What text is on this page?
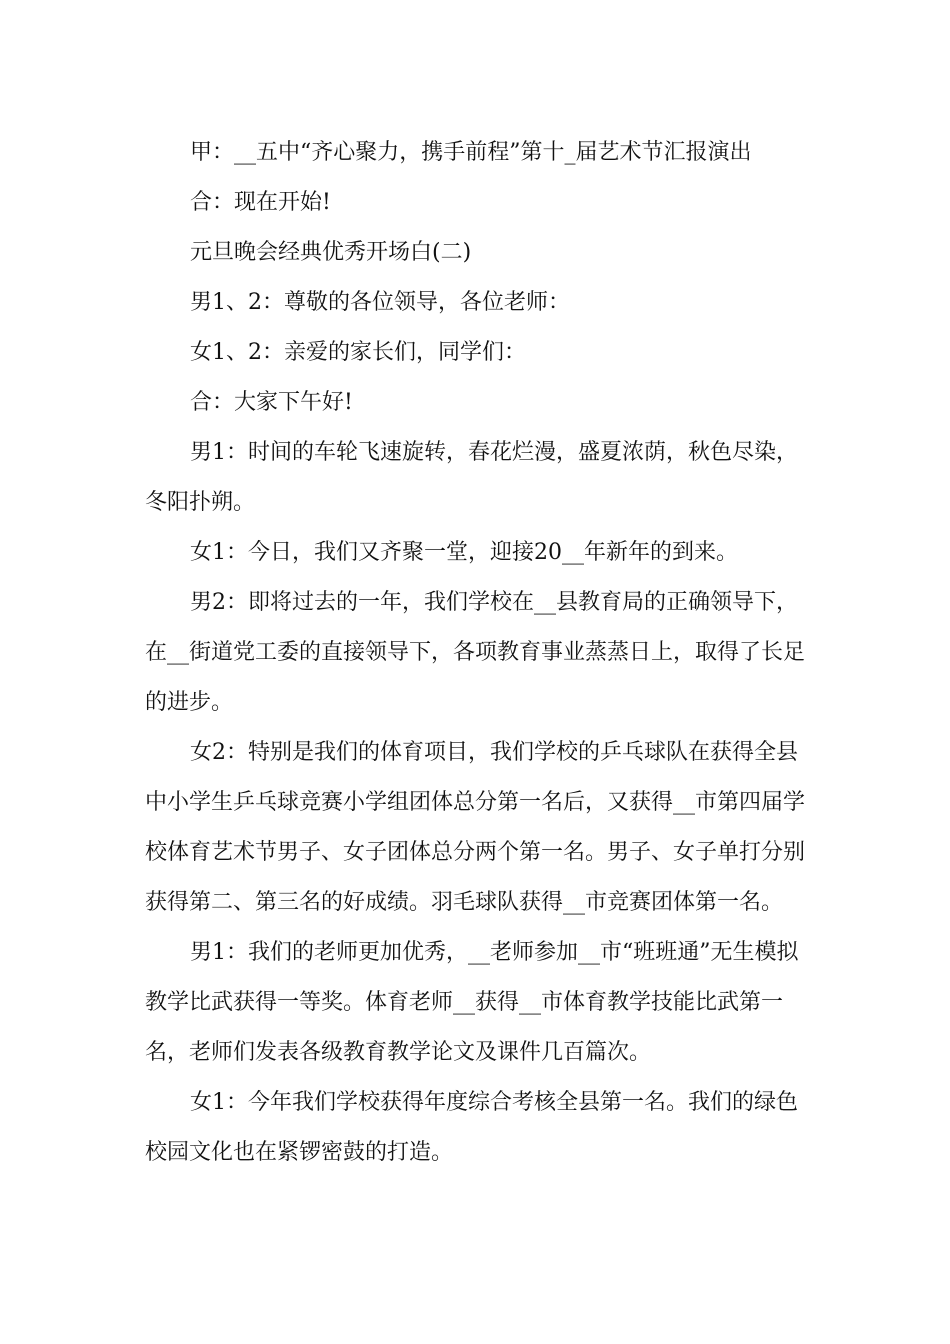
甲：__五中“齐心聚力，携手前程”第十_届艺术节汇报演出

合：现在开始!

元旦晚会经典优秀开场白(二)

男1、2：尊敬的各位领导，各位老师：

女1、2：亲爱的家长们，同学们：

合：大家下午好!

男1：时间的车轮飞速旋转，春花烂漫，盛夏浓荫，秋色尽染，冬阳扑朔。

女1：今日，我们又齐聚一堂，迎接20__年新年的到来。

男2：即将过去的一年，我们学校在__县教育局的正确领导下，在__街道党工委的直接领导下，各项教育事业蒸蒸日上，取得了长足的进步。

女2：特别是我们的体育项目，我们学校的乒乓球队在获得全县中小学生乒乓球竞赛小学组团体总分第一名后，又获得__市第四届学校体育艺术节男子、女子团体总分两个第一名。男子、女子单打分别获得第二、第三名的好成绩。羽毛球队获得__市竞赛团体第一名。

男1：我们的老师更加优秀，__老师参加__市“班班通”无生模拟教学比武获得一等奖。体育老师__获得__市体育教学技能比武第一名，老师们发表各级教育教学论文及课件几百篇次。

女1：今年我们学校获得年度综合考核全县第一名。我们的绿色校园文化也在紧锣密鼓的打造。
